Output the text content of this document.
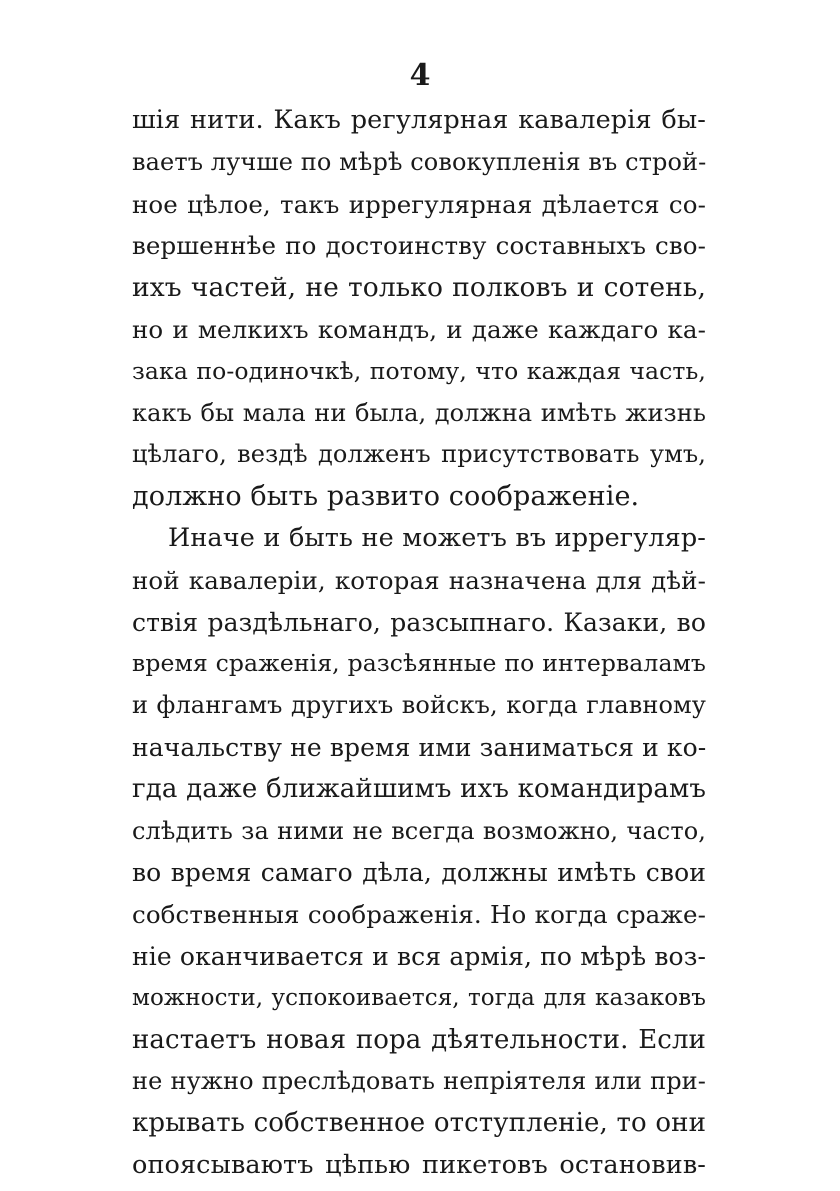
4
шія нити. Какъ регулярная кавалерія бы-
ваетъ лучше по мѣрѣ совокупленія въ строй-
ное цѣлое, такъ иррегулярная дѣлается со-
вершеннѣе по достоинству составныхъ сво-
ихъ частей, не только полковъ и сотень,
но и мелкихъ командъ, и даже каждаго ка-
зака по-одиночкѣ, потому, что каждая часть,
какъ бы мала ни была, должна имѣть жизнь
цѣлаго, вездѣ долженъ присутствовать умъ,
должно быть развито соображеніе.
Иначе и быть не можетъ въ иррегуляр-
ной кавалеріи, которая назначена для дѣй-
ствія раздѣльнаго, разсыпнаго. Казаки, во
время сраженія, разсѣянные по интерваламъ
и флангамъ другихъ войскъ, когда главному
начальству не время ими заниматься и ко-
гда даже ближайшимъ ихъ командирамъ
слѣдить за ними не всегда возможно, часто,
во время самаго дѣла, должны имѣть свои
собственныя соображенія. Но когда сраже-
ніе оканчивается и вся армія, по мѣрѣ воз-
можности, успокоивается, тогда для казаковъ
настаетъ новая пора дѣятельности. Если
не нужно преслѣдовать непріятеля или при-
крывать собственное отступленіе, то они
опоясываютъ цѣпью пикетовъ остановив-
